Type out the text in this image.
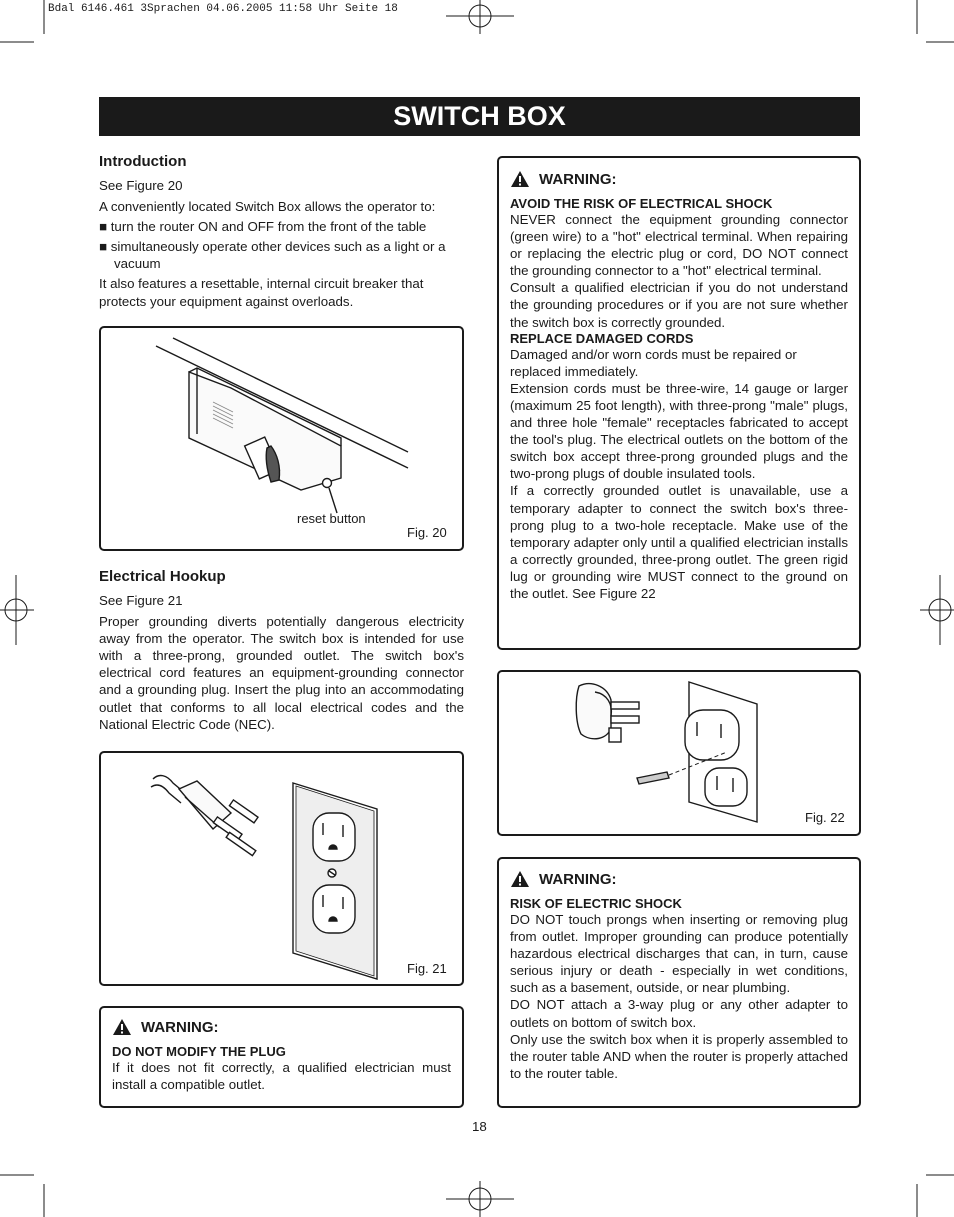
Bdal 6146.461 3Sprachen 04.06.2005 11:58 Uhr Seite 18
SWITCH BOX
Introduction
See Figure 20
A conveniently located Switch Box allows the operator to:
■ turn the router ON and OFF from the front of the table
■ simultaneously operate other devices such as a light or a vacuum
It also features a resettable, internal circuit breaker that protects your equipment against overloads.
reset button
Fig. 20
Electrical Hookup
See Figure 21
Proper grounding diverts potentially dangerous electricity away from the operator. The switch box is intended for use with a three-prong, grounded outlet. The switch box's electrical cord features an equipment-grounding connector and a grounding plug. Insert the plug into an accommodating outlet that conforms to all local electrical codes and the National Electric Code (NEC).
Fig. 21
WARNING:
DO NOT MODIFY THE PLUG
If it does not fit correctly, a qualified electrician must install a compatible outlet.
WARNING:
AVOID THE RISK OF ELECTRICAL SHOCK
NEVER connect the equipment grounding connector (green wire) to a "hot" electrical terminal. When repairing or replacing the electric plug or cord, DO NOT connect the grounding connector to a "hot" electrical terminal.
Consult a qualified electrician if you do not understand the grounding procedures or if you are not sure whether the switch box is correctly grounded.
REPLACE DAMAGED CORDS
Damaged and/or worn cords must be repaired or replaced immediately.
Extension cords must be three-wire, 14 gauge or larger (maximum 25 foot length), with three-prong "male" plugs, and three hole "female" receptacles fabricated to accept the tool's plug. The electrical outlets on the bottom of the switch box accept three-prong grounded plugs and the two-prong plugs of double insulated tools.
If a correctly grounded outlet is unavailable, use a temporary adapter to connect the switch box's three-prong plug to a two-hole receptacle. Make use of the temporary adapter only until a qualified electrician installs a correctly grounded, three-prong outlet. The green rigid lug or grounding wire MUST connect to the ground on the outlet. See Figure 22
Fig. 22
WARNING:
RISK OF ELECTRIC SHOCK
DO NOT touch prongs when inserting or removing plug from outlet. Improper grounding can produce potentially hazardous electrical discharges that can, in turn, cause serious injury or death - especially in wet conditions, such as a basement, outside, or near plumbing.
DO NOT attach a 3-way plug or any other adapter to outlets on bottom of switch box.
Only use the switch box when it is properly assembled to the router table AND when the router is properly attached to the router table.
18
